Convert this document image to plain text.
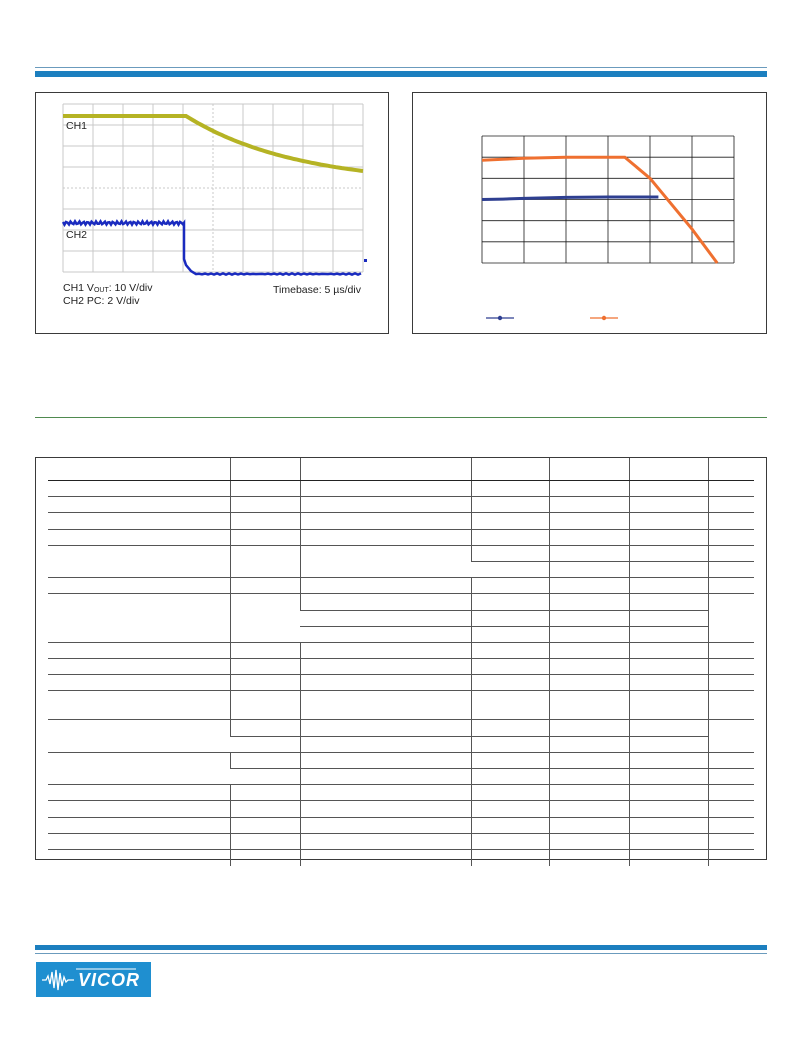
CH1
CH2
CH1 $V_{OUT}$: 10 V/div
CH2 PC: 2 V/div
Timebase: 5 µs/div

VICOR
